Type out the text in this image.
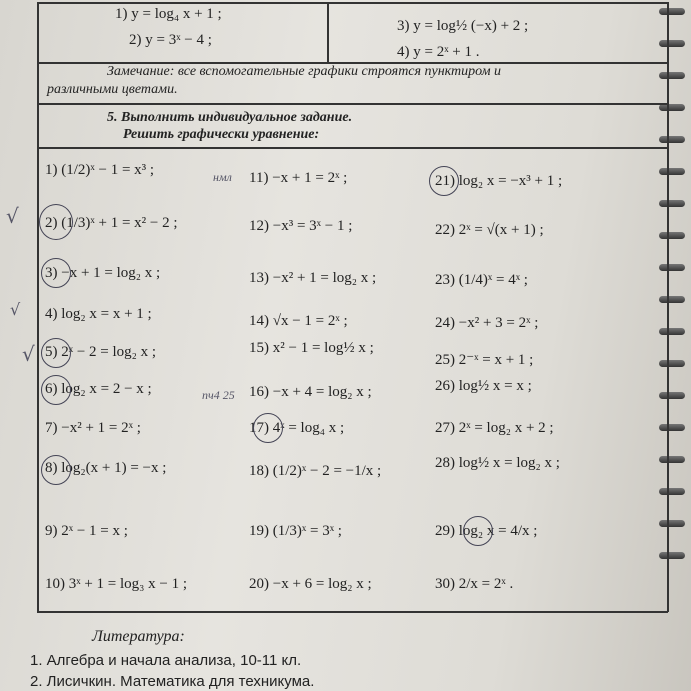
1) y = log₄ x + 1 ;
2) y = 3ˣ − 4 ;
3) y = log½ (−x) + 2 ;
4) y = 2ˣ + 1 .
Замечание: все вспомогательные графики строятся пунктиром и
различными цветами.
5. Выполнить индивидуальное задание.
Решить графически уравнение:
1) (1/2)ˣ − 1 = x³ ;
2) (1/3)ˣ + 1 = x² − 2 ;
3) −x + 1 = log₂ x ;
4) log₂ x = x + 1 ;
5) 2ˣ − 2 = log₂ x ;
6) log₂ x = 2 − x ;
7) −x² + 1 = 2ˣ ;
8) log₂(x + 1) = −x ;
9) 2ˣ − 1 = x ;
10) 3ˣ + 1 = log₃ x − 1 ;
11) −x + 1 = 2ˣ ;
12) −x³ = 3ˣ − 1 ;
13) −x² + 1 = log₂ x ;
14) √x − 1 = 2ˣ ;
15) x² − 1 = log½ x ;
16) −x + 4 = log₂ x ;
17) 4ˣ = log₄ x ;
18) (1/2)ˣ − 2 = −1/x ;
19) (1/3)ˣ = 3ˣ ;
20) −x + 6 = log₂ x ;
21) log₂ x = −x³ + 1 ;
22) 2ˣ = √(x + 1) ;
23) (1/4)ˣ = 4ˣ ;
24) −x² + 3 = 2ˣ ;
25) 2⁻ˣ = x + 1 ;
26) log½ x = x ;
27) 2ˣ = log₂ x + 2 ;
28) log½ x = log₂ x ;
29) log₂ x = 4/x ;
30) 2/x = 2ˣ .
нмл
пч4 25
√
√
√
Литература:
1. Алгебра и начала анализа, 10-11 кл.
2. Лисичкин. Математика для техникума.
